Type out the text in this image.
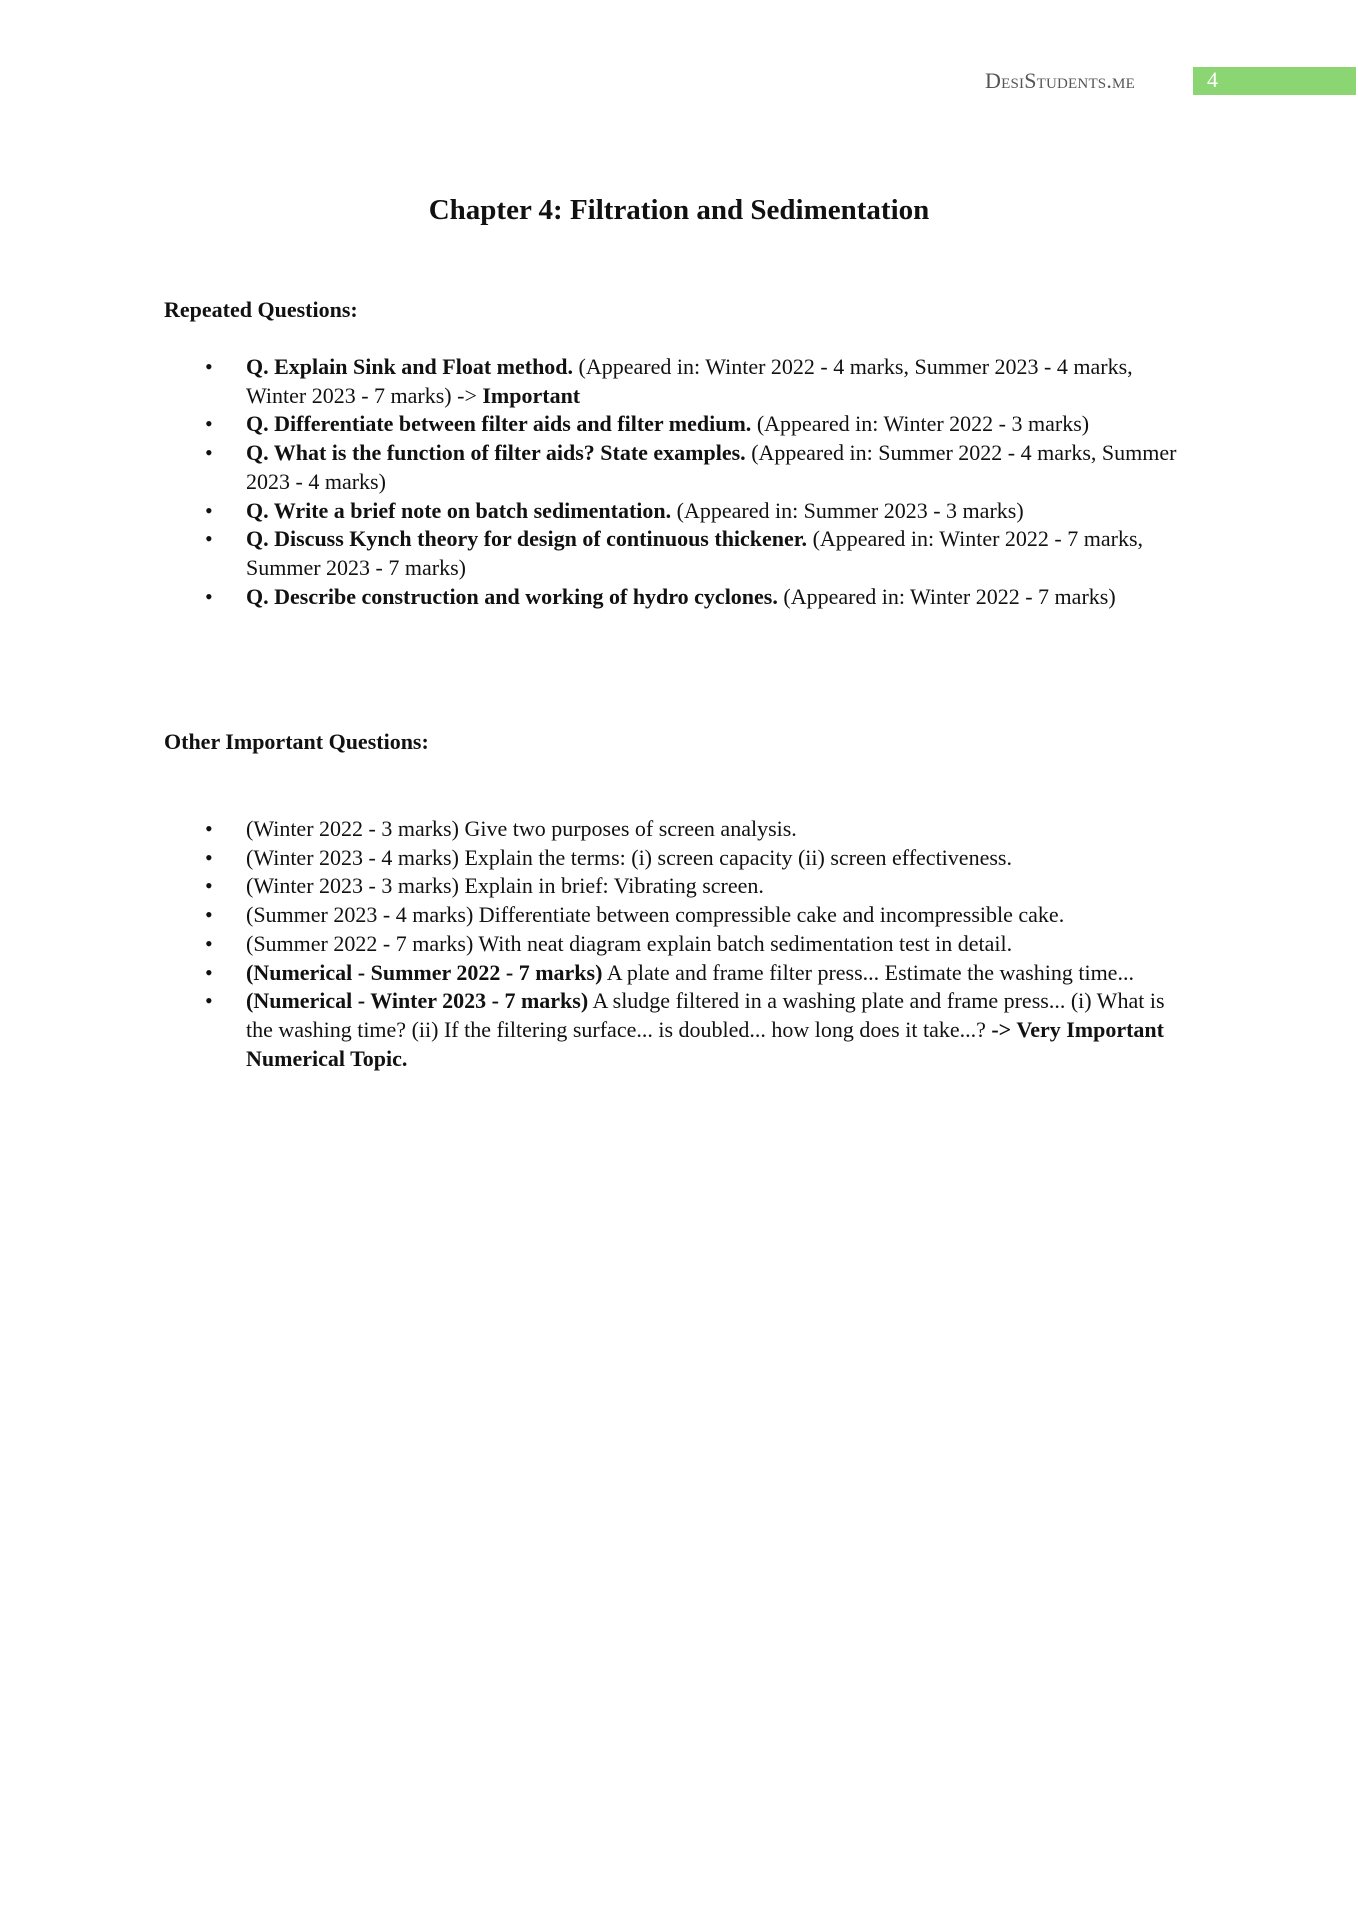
DesiStudents.me	4
Chapter 4: Filtration and Sedimentation
Repeated Questions:
• Q. Explain Sink and Float method. (Appeared in: Winter 2022 - 4 marks, Summer 2023 - 4 marks, Winter 2023 - 7 marks) -> Important
• Q. Differentiate between filter aids and filter medium. (Appeared in: Winter 2022 - 3 marks)
• Q. What is the function of filter aids? State examples. (Appeared in: Summer 2022 - 4 marks, Summer 2023 - 4 marks)
• Q. Write a brief note on batch sedimentation. (Appeared in: Summer 2023 - 3 marks)
• Q. Discuss Kynch theory for design of continuous thickener. (Appeared in: Winter 2022 - 7 marks, Summer 2023 - 7 marks)
• Q. Describe construction and working of hydro cyclones. (Appeared in: Winter 2022 - 7 marks)
Other Important Questions:
• (Winter 2022 - 3 marks) Give two purposes of screen analysis.
• (Winter 2023 - 4 marks) Explain the terms: (i) screen capacity (ii) screen effectiveness.
• (Winter 2023 - 3 marks) Explain in brief: Vibrating screen.
• (Summer 2023 - 4 marks) Differentiate between compressible cake and incompressible cake.
• (Summer 2022 - 7 marks) With neat diagram explain batch sedimentation test in detail.
• (Numerical - Summer 2022 - 7 marks) A plate and frame filter press... Estimate the washing time...
• (Numerical - Winter 2023 - 7 marks) A sludge filtered in a washing plate and frame press... (i) What is the washing time? (ii) If the filtering surface... is doubled... how long does it take...? -> Very Important Numerical Topic.
